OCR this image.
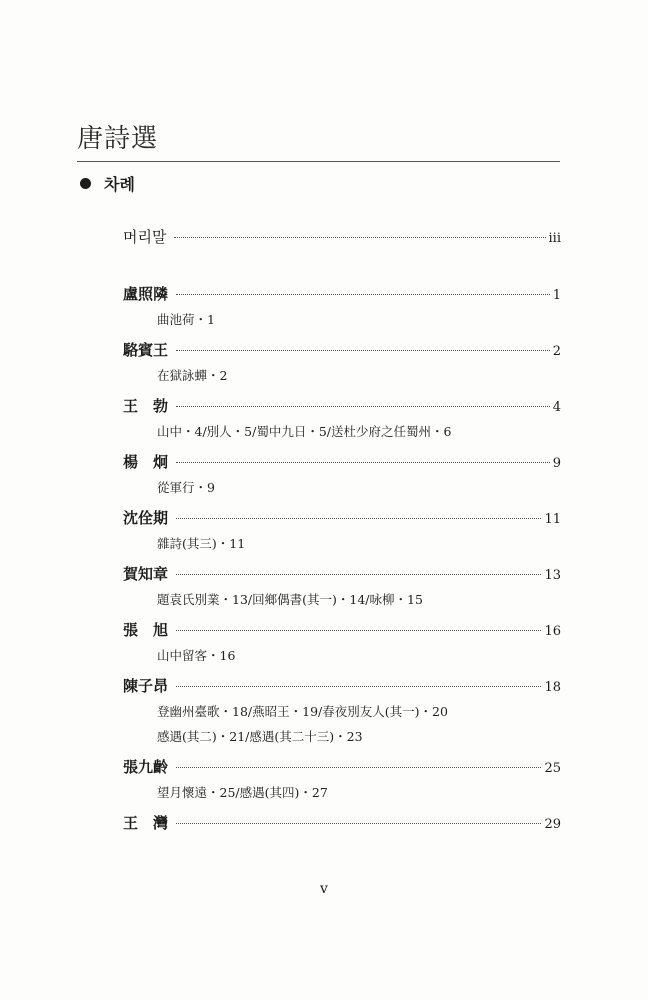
唐詩選
차례
머리말	iii
盧照隣	1
曲池荷・1
駱賓王	2
在獄詠蟬・2
王　勃	4
山中・4/別人・5/蜀中九日・5/送杜少府之任蜀州・6
楊　炯	9
從軍行・9
沈佺期	11
雜詩(其三)・11
賀知章	13
題袁氏別業・13/回鄉偶書(其一)・14/咏柳・15
張　旭	16
山中留客・16
陳子昂	18
登幽州臺歌・18/燕昭王・19/春夜別友人(其一)・20
感遇(其二)・21/感遇(其二十三)・23
張九齡	25
望月懷遠・25/感遇(其四)・27
王　灣	29
v
